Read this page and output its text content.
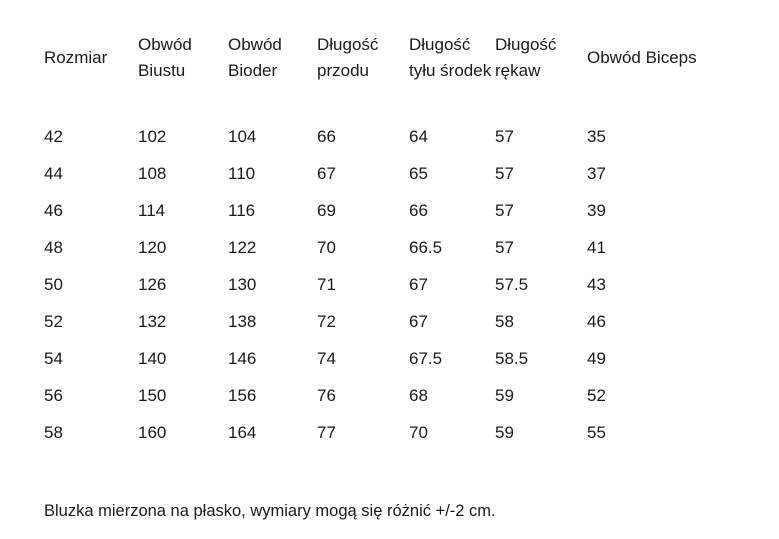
Rozmiar	Obwód Biustu	Obwód Bioder	Długość przodu	Długość tyłu środek	Długość rękaw	Obwód Biceps
42	102	104	66	64	57	35
44	108	110	67	65	57	37
46	114	116	69	66	57	39
48	120	122	70	66.5	57	41
50	126	130	71	67	57.5	43
52	132	138	72	67	58	46
54	140	146	74	67.5	58.5	49
56	150	156	76	68	59	52
58	160	164	77	70	59	55
Bluzka mierzona na płasko, wymiary mogą się różnić +/-2 cm.
